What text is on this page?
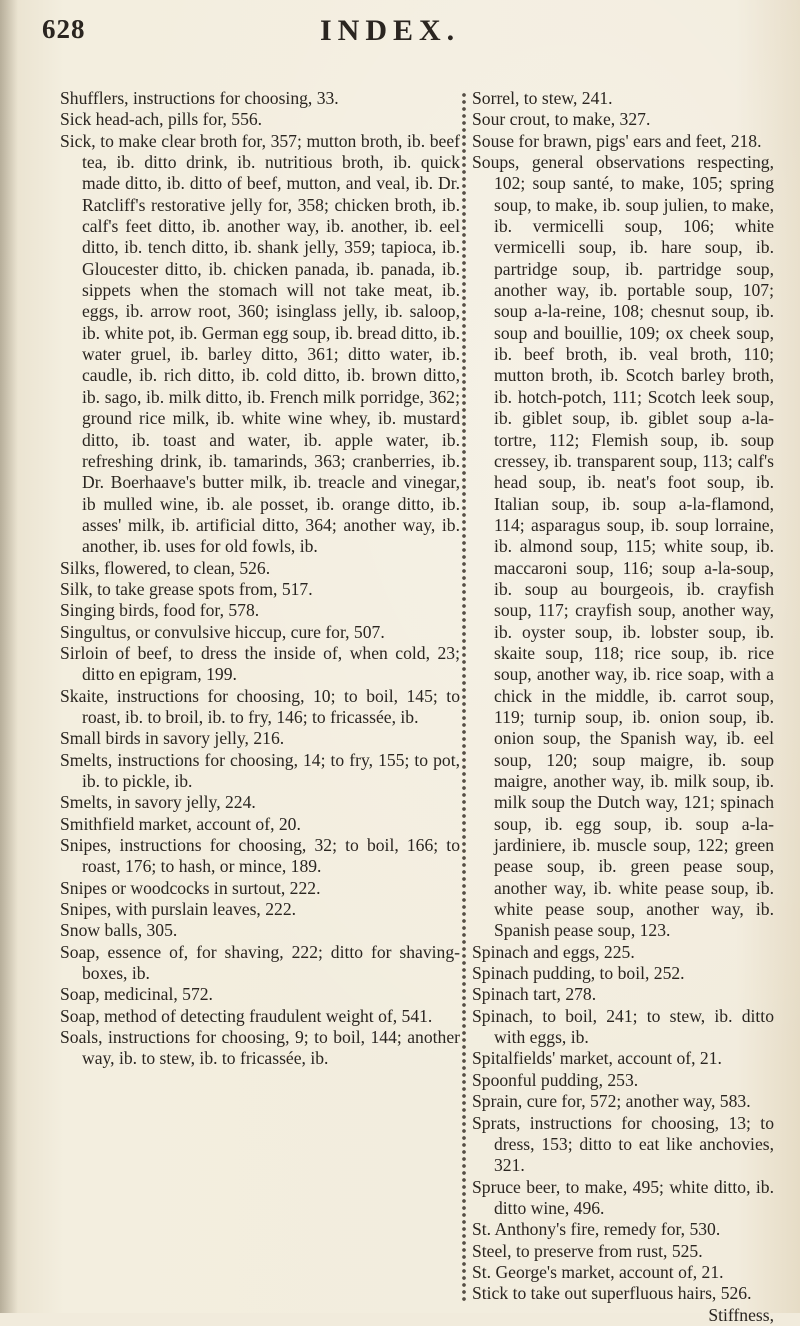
628	INDEX.

Shufflers, instructions for choosing, 33.

Sick head-ach, pills for, 556.

Sick, to make clear broth for, 357; mutton broth, ib. beef tea, ib. ditto drink, ib. nutritious broth, ib. quick made ditto, ib. ditto of beef, mutton, and veal, ib. Dr. Ratcliff's restorative jelly for, 358; chicken broth, ib. calf's feet ditto, ib. another way, ib. another, ib. eel ditto, ib. tench ditto, ib. shank jelly, 359; tapioca, ib. Gloucester ditto, ib. chicken panada, ib. panada, ib. sippets when the stomach will not take meat, ib. eggs, ib. arrow root, 360; isinglass jelly, ib. saloop, ib. white pot, ib. German egg soup, ib. bread ditto, ib. water gruel, ib. barley ditto, 361; ditto water, ib. caudle, ib. rich ditto, ib. cold ditto, ib. brown ditto, ib. sago, ib. milk ditto, ib. French milk porridge, 362; ground rice milk, ib. white wine whey, ib. mustard ditto, ib. toast and water, ib. apple water, ib. refreshing drink, ib. tamarinds, 363; cranberries, ib. Dr. Boerhaave's butter milk, ib. treacle and vinegar, ib mulled wine, ib. ale posset, ib. orange ditto, ib. asses' milk, ib. artificial ditto, 364; another way, ib. another, ib. uses for old fowls, ib.

Silks, flowered, to clean, 526.

Silk, to take grease spots from, 517.

Singing birds, food for, 578.

Singultus, or convulsive hiccup, cure for, 507.

Sirloin of beef, to dress the inside of, when cold, 23; ditto en epigram, 199.

Skaite, instructions for choosing, 10; to boil, 145; to roast, ib. to broil, ib. to fry, 146; to fricassée, ib.

Small birds in savory jelly, 216.

Smelts, instructions for choosing, 14; to fry, 155; to pot, ib. to pickle, ib.

Smelts, in savory jelly, 224.

Smithfield market, account of, 20.

Snipes, instructions for choosing, 32; to boil, 166; to roast, 176; to hash, or mince, 189.

Snipes or woodcocks in surtout, 222.

Snipes, with purslain leaves, 222.

Snow balls, 305.

Soap, essence of, for shaving, 222; ditto for shaving-boxes, ib.

Soap, medicinal, 572.

Soap, method of detecting fraudulent weight of, 541.

Soals, instructions for choosing, 9; to boil, 144; another way, ib. to stew, ib. to fricassée, ib.

Sorrel, to stew, 241.

Sour crout, to make, 327.

Souse for brawn, pigs' ears and feet, 218.

Soups, general observations respecting, 102; soup santé, to make, 105; spring soup, to make, ib. soup julien, to make, ib. vermicelli soup, 106; white vermicelli soup, ib. hare soup, ib. partridge soup, ib. partridge soup, another way, ib. portable soup, 107; soup a-la-reine, 108; chesnut soup, ib. soup and bouillie, 109; ox cheek soup, ib. beef broth, ib. veal broth, 110; mutton broth, ib. Scotch barley broth, ib. hotch-potch, 111; Scotch leek soup, ib. giblet soup, ib. giblet soup a-la-tortre, 112; Flemish soup, ib. soup cressey, ib. transparent soup, 113; calf's head soup, ib. neat's foot soup, ib. Italian soup, ib. soup a-la-flamond, 114; asparagus soup, ib. soup lorraine, ib. almond soup, 115; white soup, ib. maccaroni soup, 116; soup a-la-soup, ib. soup au bourgeois, ib. crayfish soup, 117; crayfish soup, another way, ib. oyster soup, ib. lobster soup, ib. skaite soup, 118; rice soup, ib. rice soup, another way, ib. rice soap, with a chick in the middle, ib. carrot soup, 119; turnip soup, ib. onion soup, ib. onion soup, the Spanish way, ib. eel soup, 120; soup maigre, ib. soup maigre, another way, ib. milk soup, ib. milk soup the Dutch way, 121; spinach soup, ib. egg soup, ib. soup a-la-jardiniere, ib. muscle soup, 122; green pease soup, ib. green pease soup, another way, ib. white pease soup, ib. white pease soup, another way, ib. Spanish pease soup, 123.

Spinach and eggs, 225.

Spinach pudding, to boil, 252.

Spinach tart, 278.

Spinach, to boil, 241; to stew, ib. ditto with eggs, ib.

Spitalfields' market, account of, 21.

Spoonful pudding, 253.

Sprain, cure for, 572; another way, 583.

Sprats, instructions for choosing, 13; to dress, 153; ditto to eat like anchovies, 321.

Spruce beer, to make, 495; white ditto, ib. ditto wine, 496.

St. Anthony's fire, remedy for, 530.

Steel, to preserve from rust, 525.

St. George's market, account of, 21.

Stick to take out superfluous hairs, 526.

Stiffness,
